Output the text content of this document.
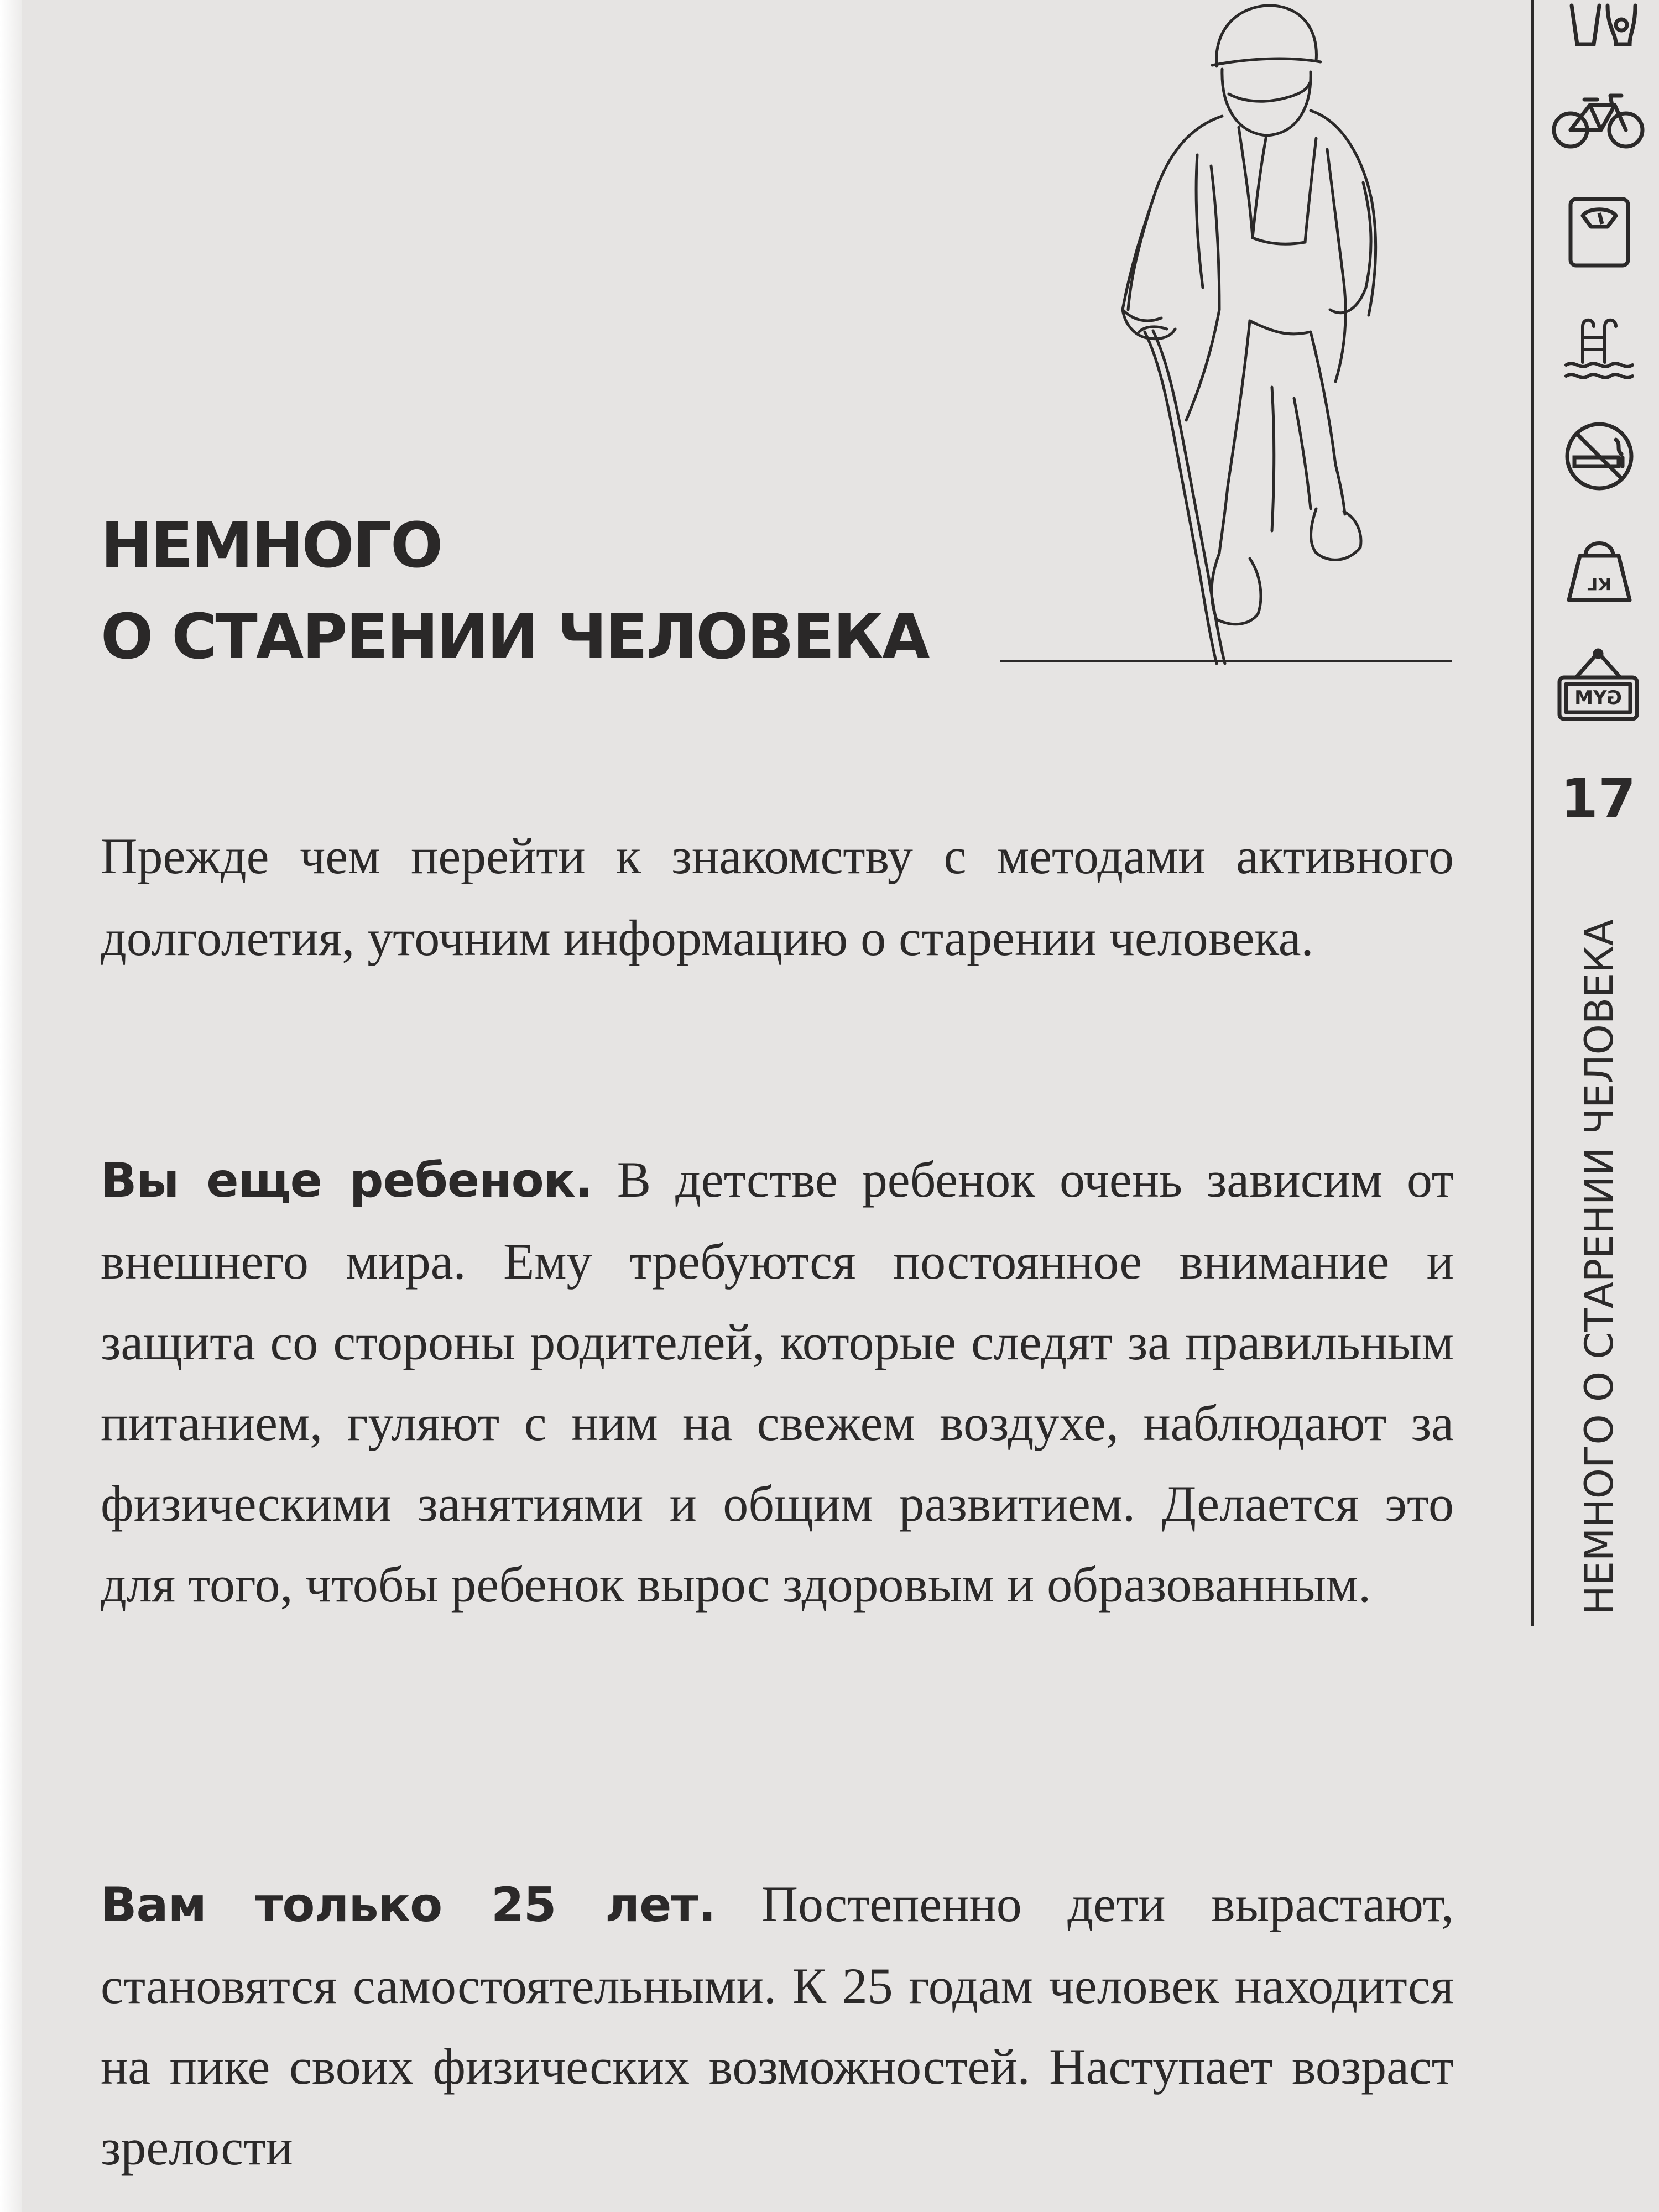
НЕМНОГО
О СТАРЕНИИ ЧЕЛОВЕКА

Прежде чем перейти к знакомству с методами активного долголетия, уточним информацию о старении человека.

Вы еще ребенок. В детстве ребенок очень зависим от внешнего мира. Ему требуются постоянное внимание и защита со стороны родителей, которые следят за правильным питанием, гуляют с ним на свежем воздухе, наблюдают за физическими занятиями и общим развитием. Делается это для того, чтобы ребенок вырос здоровым и образованным.

Вам только 25 лет. Постепенно дети вырастают, становятся самостоятельными. К 25 годам человек находится на пике своих физических возможностей. Наступает возраст зрелости

КГ
GYM
17
НЕМНОГО О СТАРЕНИИ ЧЕЛОВЕКА
